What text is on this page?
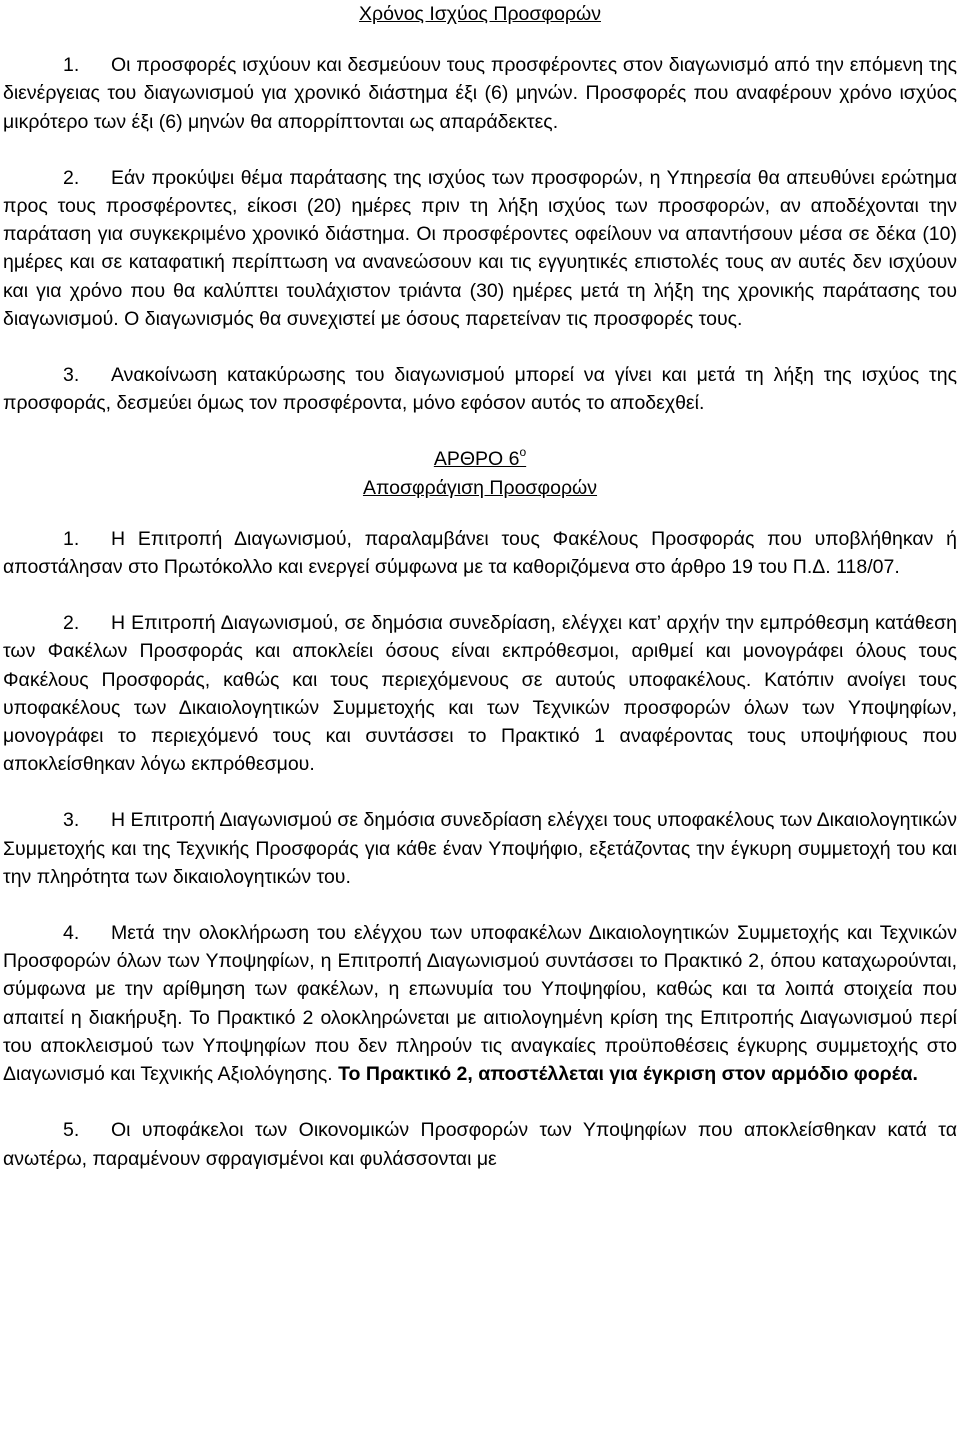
Χρόνος Ισχύος Προσφορών

1. Οι προσφορές ισχύουν και δεσμεύουν τους προσφέροντες στον διαγωνισμό από την επόμενη της διενέργειας του διαγωνισμού για χρονικό διάστημα έξι (6) μηνών. Προσφορές που αναφέρουν χρόνο ισχύος μικρότερο των έξι (6) μηνών θα απορρίπτονται ως απαράδεκτες.

2. Εάν προκύψει θέμα παράτασης της ισχύος των προσφορών, η Υπηρεσία θα απευθύνει ερώτημα προς τους προσφέροντες, είκοσι (20) ημέρες πριν τη λήξη ισχύος των προσφορών, αν αποδέχονται την παράταση για συγκεκριμένο χρονικό διάστημα. Οι προσφέροντες οφείλουν να απαντήσουν μέσα σε δέκα (10) ημέρες και σε καταφατική περίπτωση να ανανεώσουν και τις εγγυητικές επιστολές τους αν αυτές δεν ισχύουν και για χρόνο που θα καλύπτει τουλάχιστον τριάντα (30) ημέρες μετά τη λήξη της χρονικής παράτασης του διαγωνισμού. Ο διαγωνισμός θα συνεχιστεί με όσους παρετείναν τις προσφορές τους.

3. Ανακοίνωση κατακύρωσης του διαγωνισμού μπορεί να γίνει και μετά τη λήξη της ισχύος της προσφοράς, δεσμεύει όμως τον προσφέροντα, μόνο εφόσον αυτός το αποδεχθεί.

ΑΡΘΡΟ $6^o$

Αποσφράγιση Προσφορών

1. Η Επιτροπή Διαγωνισμού, παραλαμβάνει τους Φακέλους Προσφοράς που υποβλήθηκαν ή αποστάλησαν στο Πρωτόκολλο και ενεργεί σύμφωνα με τα καθοριζόμενα στο άρθρο 19 του Π.Δ. 118/07.

2. Η Επιτροπή Διαγωνισμού, σε δημόσια συνεδρίαση, ελέγχει κατ’ αρχήν την εμπρόθεσμη κατάθεση των Φακέλων Προσφοράς και αποκλείει όσους είναι εκπρόθεσμοι, αριθμεί και μονογράφει όλους τους Φακέλους Προσφοράς, καθώς και τους περιεχόμενους σε αυτούς υποφακέλους. Κατόπιν ανοίγει τους υποφακέλους των Δικαιολογητικών Συμμετοχής και των Τεχνικών προσφορών όλων των Υποψηφίων, μονογράφει το περιεχόμενό τους και συντάσσει το Πρακτικό 1 αναφέροντας τους υποψήφιους που αποκλείσθηκαν λόγω εκπρόθεσμου.

3. Η Επιτροπή Διαγωνισμού σε δημόσια συνεδρίαση ελέγχει τους υποφακέλους των Δικαιολογητικών Συμμετοχής και της Τεχνικής Προσφοράς για κάθε έναν Υποψήφιο, εξετάζοντας την έγκυρη συμμετοχή του και την πληρότητα των δικαιολογητικών του.

4. Μετά την ολοκλήρωση του ελέγχου των υποφακέλων Δικαιολογητικών Συμμετοχής και Τεχνικών Προσφορών όλων των Υποψηφίων, η Επιτροπή Διαγωνισμού συντάσσει το Πρακτικό 2, όπου καταχωρούνται, σύμφωνα με την αρίθμηση των φακέλων, η επωνυμία του Υποψηφίου, καθώς και τα λοιπά στοιχεία που απαιτεί η διακήρυξη. Το Πρακτικό 2 ολοκληρώνεται με αιτιολογημένη κρίση της Επιτροπής Διαγωνισμού περί του αποκλεισμού των Υποψηφίων που δεν πληρούν τις αναγκαίες προϋποθέσεις έγκυρης συμμετοχής στο Διαγωνισμό και Τεχνικής Αξιολόγησης. Το Πρακτικό 2, αποστέλλεται για έγκριση στον αρμόδιο φορέα.

5. Οι υποφάκελοι των Οικονομικών Προσφορών των Υποψηφίων που αποκλείσθηκαν κατά τα ανωτέρω, παραμένουν σφραγισμένοι και φυλάσσονται με
